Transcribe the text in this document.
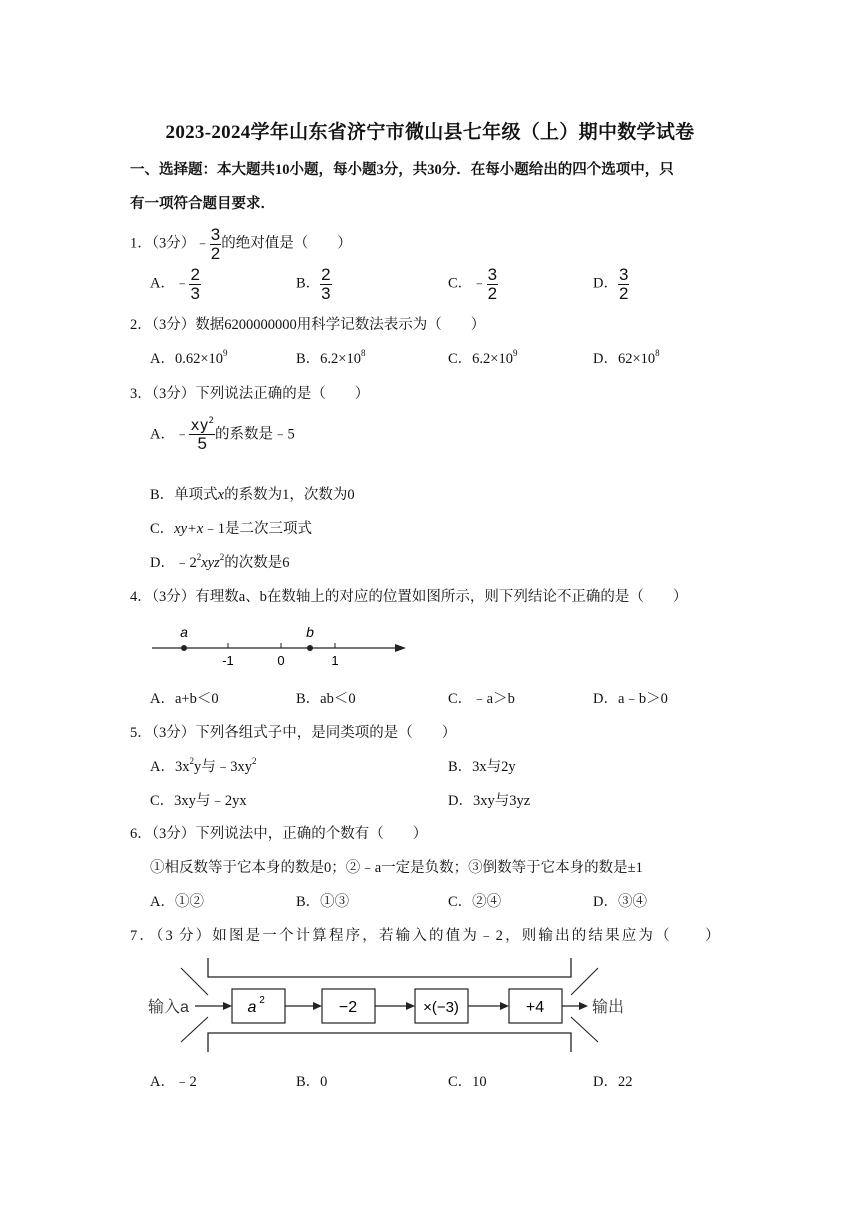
2023-2024学年山东省济宁市微山县七年级（上）期中数学试卷
一、选择题：本大题共10小题，每小题3分，共30分．在每小题给出的四个选项中，只
有一项符合题目要求．
1．（3分）﹣ $\frac{3}{2}$ 的绝对值是（　　）
A．﹣ $\frac{2}{3}$	B． $\frac{2}{3}$	C．﹣ $\frac{3}{2}$	D． $\frac{3}{2}$
2．（3分）数据6200000000用科学记数法表示为（　　）
A．$0.62\times 10^9$	B．$6.2\times 10^8$	C．$6.2\times 10^9$	D．$62\times 10^8$
3．（3分）下列说法正确的是（　　）
A．﹣ $\frac{xy^2}{5}$ 的系数是﹣5
B．单项式x的系数为1，次数为0
C．xy+x﹣1是二次三项式
D．$﹣2^2xyz^2$的次数是6
4．（3分）有理数a、b在数轴上的对应的位置如图所示，则下列结论不正确的是（　　）
a	b
-1	0	1
A．a+b＜0	B．ab＜0	C．﹣a＞b	D．a﹣b＞0
5．（3分）下列各组式子中，是同类项的是（　　）
A．$3x^2y$与$﹣3xy^2$	B．3x与2y
C．3xy与﹣2yx	D．3xy与3yz
6．（3分）下列说法中，正确的个数有（　　）
①相反数等于它本身的数是0；②﹣a一定是负数；③倒数等于它本身的数是±1
A．①②	B．①③	C．②④	D．③④
7．（3 分）如图是一个计算程序，若输入的值为﹣2，则输出的结果应为（　　）
输入a	a 2	−2	×(−3)	+4	输出
A．﹣2	B．0	C．10	D．22
